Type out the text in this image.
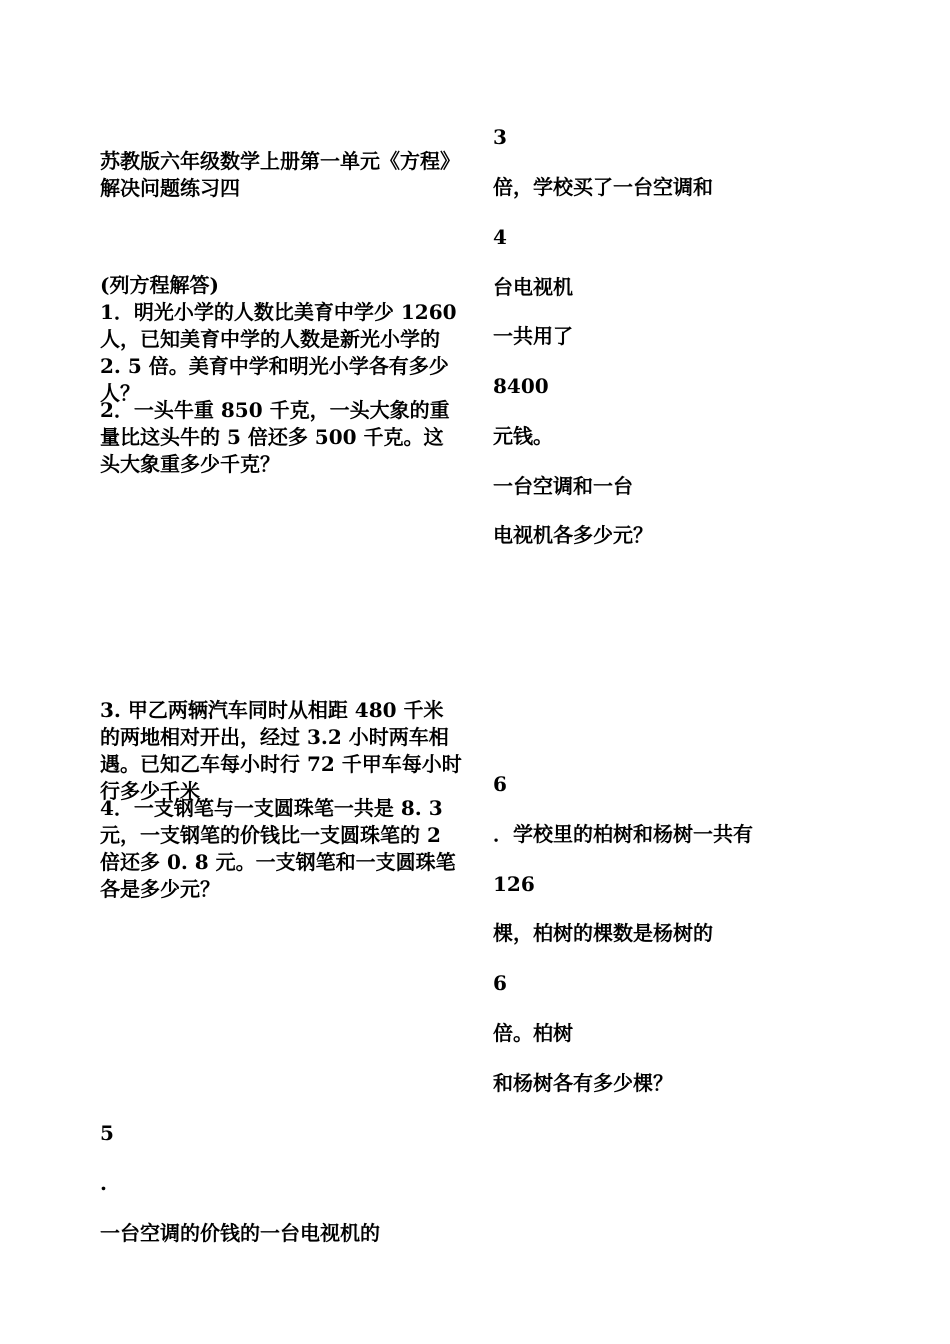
苏教版六年级数学上册第一单元《方程》解决问题练习四

(列方程解答)

1．明光小学的人数比美育中学少 1260 人，已知美育中学的人数是新光小学的 2. 5 倍。美育中学和明光小学各有多少人？

2．一头牛重 850 千克，一头大象的重量比这头牛的 5 倍还多 500 千克。这头大象重多少千克？

3. 甲乙两辆汽车同时从相距 480 千米的两地相对开出，经过 3.2 小时两车相遇。已知乙车每小时行 72 千甲车每小时行多少千米

4．一支钢笔与一支圆珠笔一共是 8. 3 元，一支钢笔的价钱比一支圆珠笔的 2 倍还多 0. 8 元。一支钢笔和一支圆珠笔各是多少元？

5

.

一台空调的价钱的一台电视机的

3

倍，学校买了一台空调和

4

台电视机

一共用了

8400

元钱。

一台空调和一台

电视机各多少元？

6

．学校里的柏树和杨树一共有

126

棵，柏树的棵数是杨树的

6

倍。柏树

和杨树各有多少棵？
